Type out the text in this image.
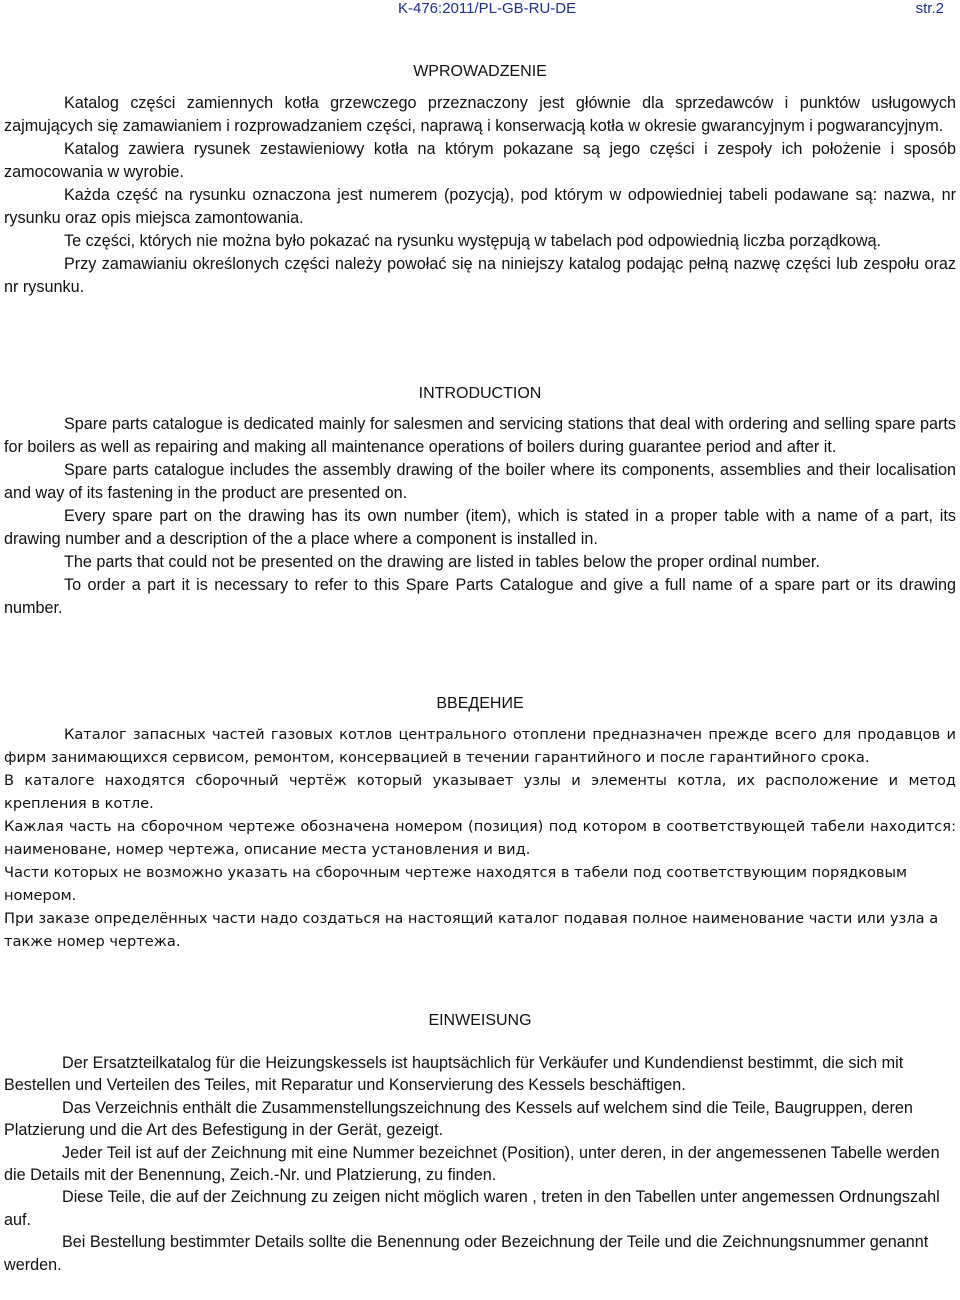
K-476:2011/PL-GB-RU-DE	str.2
WPROWADZENIE

Katalog części zamiennych kotła grzewczego przeznaczony jest głównie dla sprzedawców i punktów usługowych zajmujących się zamawianiem i rozprowadzaniem części, naprawą i konserwacją kotła w okresie gwarancyjnym i pogwarancyjnym.

Katalog zawiera rysunek zestawieniowy kotła na którym pokazane są jego części i zespoły ich położenie i sposób zamocowania w wyrobie.

Każda część na rysunku oznaczona jest numerem (pozycją), pod którym w odpowiedniej tabeli podawane są: nazwa, nr rysunku oraz opis miejsca zamontowania.

Te części, których nie można było pokazać na rysunku występują w tabelach pod odpowiednią liczba porządkową.

Przy zamawianiu określonych części należy powołać się na niniejszy katalog podając pełną nazwę części lub zespołu oraz nr rysunku.

INTRODUCTION

Spare parts catalogue is dedicated mainly for salesmen and servicing stations that deal with ordering and selling spare parts for boilers as well as repairing and making all maintenance operations of boilers during guarantee period and after it.

Spare parts catalogue includes the assembly drawing of the boiler where its components, assemblies and their localisation and way of its fastening in the product are presented on.

Every spare part on the drawing has its own number (item), which is stated in a proper table with a name of a part, its drawing number and a description of the a place where a component is installed in.

The parts that could not be presented on the drawing are listed in tables below the proper ordinal number.

To order a part it is necessary to refer to this Spare Parts Catalogue and give a full name of a spare part or its drawing number.

ВВЕДЕНИЕ

Каталог запасных частей газовых котлов центрального отоплени предназначен прежде всего для продавцов и фирм занимающихся сервисом, ремонтом, консервацией в течении гарантийного и после гарантийного срока.

В каталоге находятся сборочный чертёж который указывает узлы и элементы котла, их расположение и метод крепления в котле.

Кажлая часть на сборочном чертеже обозначена номером (позиция) под котором в соответствующей табели находится: наименоване, номер чертежа, описание места установления и вид.

Части которых не возможно указать на сборочным чертеже находятся в табели под соответствующим порядковым номером.

При заказе определённых части надо создаться на настоящий каталог подавая полное наименование части или узла а также номер чертежа.

EINWEISUNG

Der Ersatzteilkatalog für die Heizungskessels ist hauptsächlich für Verkäufer und Kundendienst bestimmt, die sich mit Bestellen und Verteilen des Teiles, mit Reparatur und Konservierung des Kessels beschäftigen.

Das Verzeichnis enthält die Zusammenstellungszeichnung des Kessels auf welchem sind die Teile, Baugruppen, deren Platzierung und die Art des Befestigung in der Gerät, gezeigt.

Jeder Teil ist auf der Zeichnung mit eine Nummer bezeichnet (Position), unter deren, in der angemessenen Tabelle werden die Details mit der Benennung, Zeich.-Nr. und Platzierung, zu finden.

Diese Teile, die auf der Zeichnung zu zeigen nicht möglich waren , treten in den Tabellen unter angemessen Ordnungszahl auf.

Bei Bestellung bestimmter Details sollte die Benennung oder Bezeichnung der Teile und die Zeichnungsnummer genannt werden.
